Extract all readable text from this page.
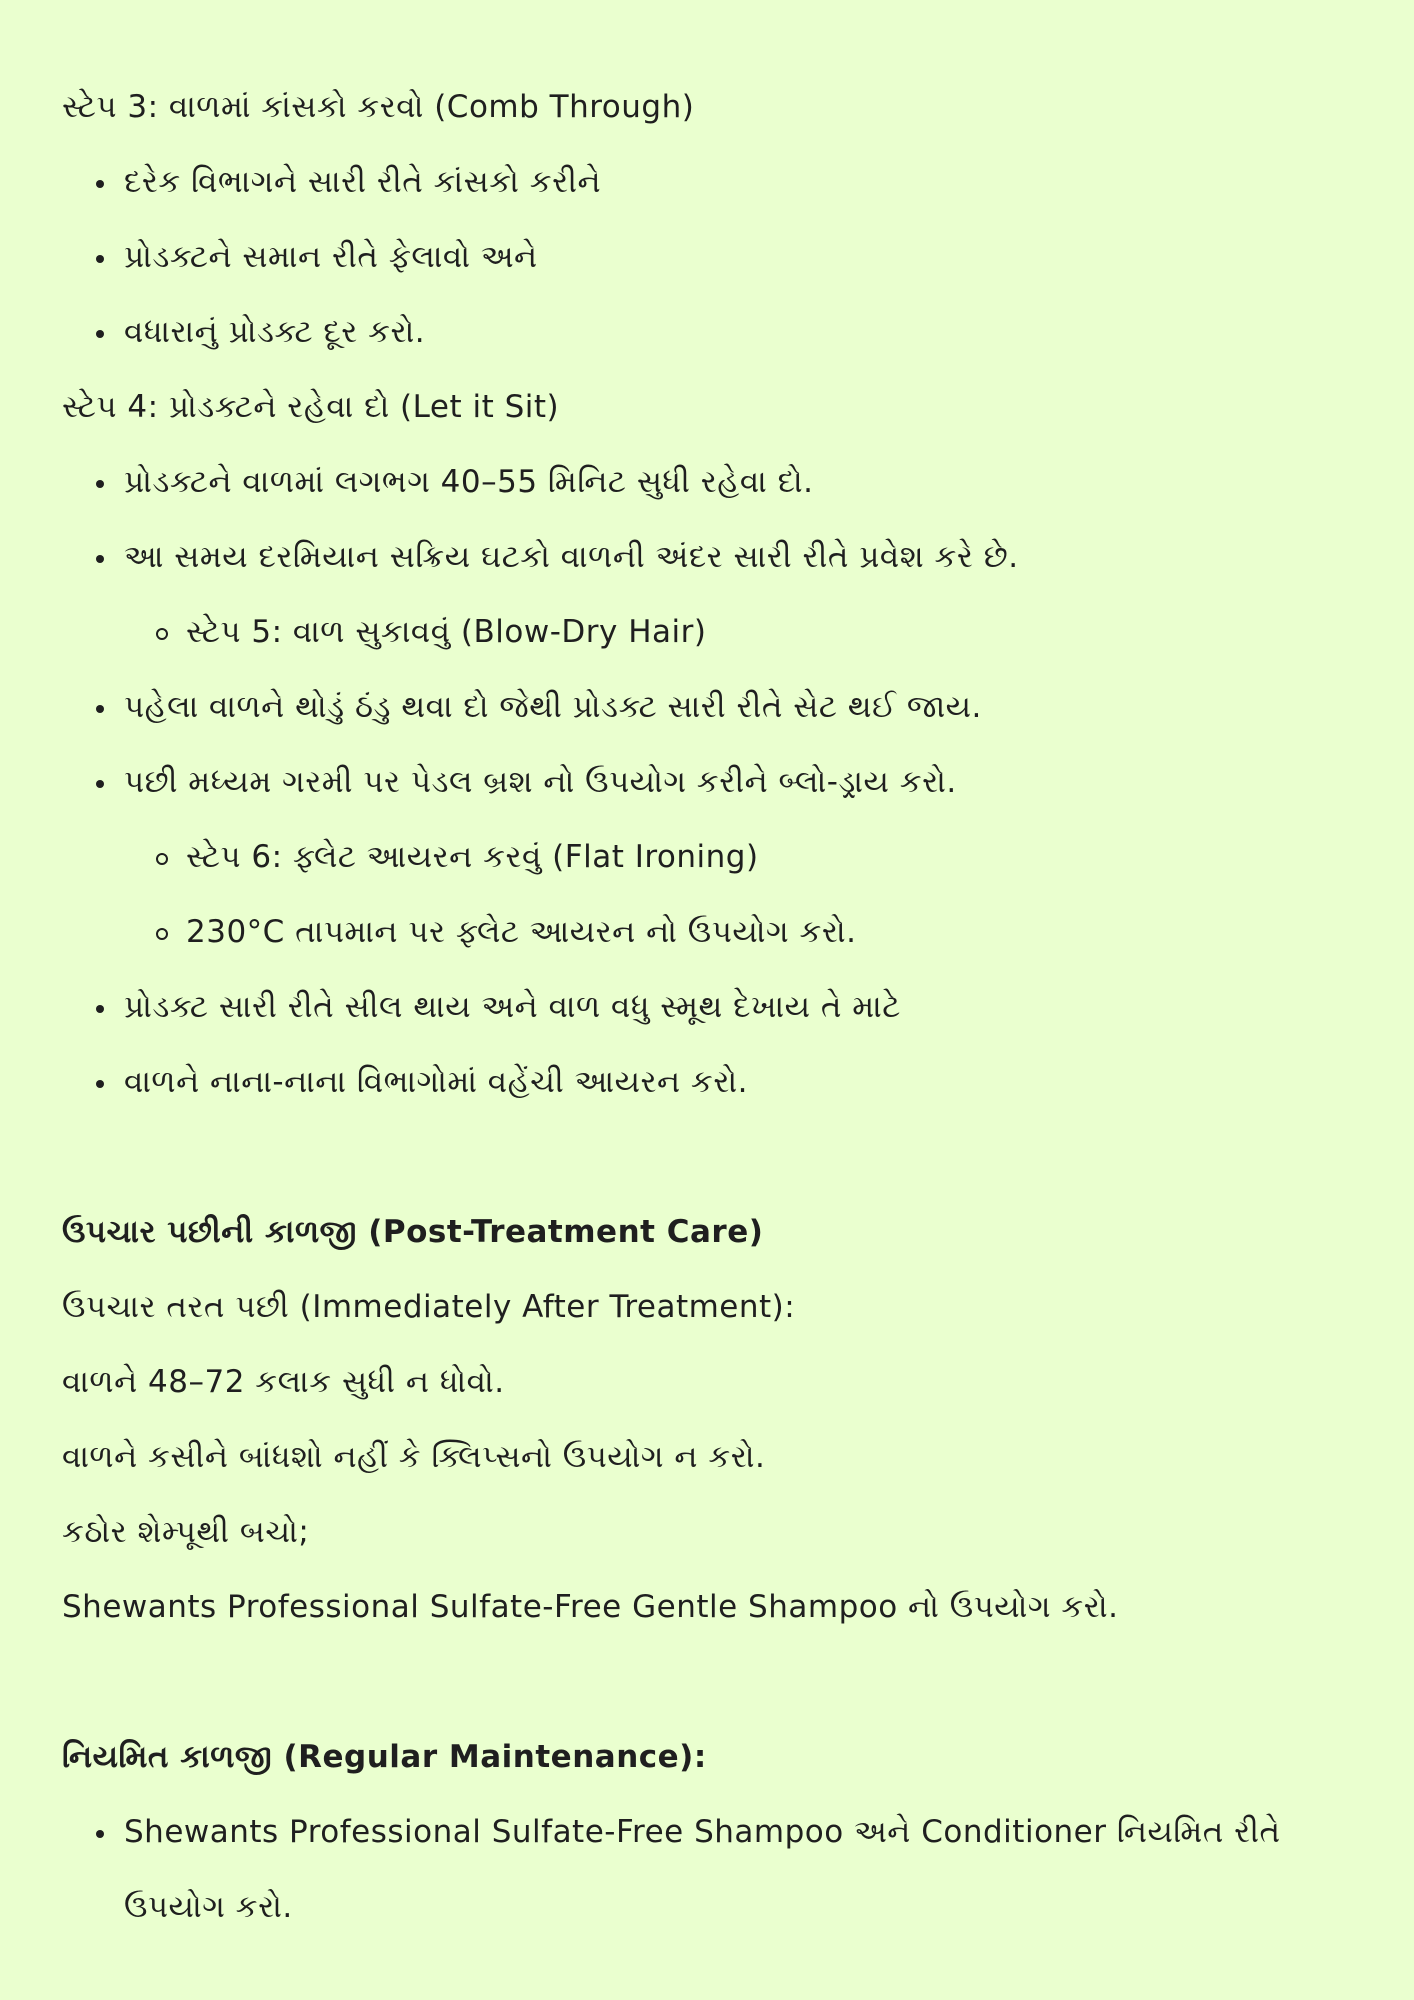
સ્ટેપ 3: વાળમાં કાંસકો કરવો (Comb Through)
દરેક વિભાગને સારી રીતે કાંસકો કરીને
પ્રોડક્ટને સમાન રીતે ફેલાવો અને
વધારાનું પ્રોડક્ટ દૂર કરો.
સ્ટેપ 4: પ્રોડક્ટને રહેવા દો (Let it Sit)
પ્રોડક્ટને વાળમાં લગભગ 40–55 મિનિટ સુધી રહેવા દો.
આ સમય દરમિયાન સક્રિય ઘટકો વાળની અંદર સારી રીતે પ્રવેશ કરે છે.
સ્ટેપ 5: વાળ સુકાવવું (Blow-Dry Hair)
પહેલા વાળને થોડું ઠંડુ થવા દો જેથી પ્રોડક્ટ સારી રીતે સેટ થઈ જાય.
પછી મધ્યમ ગરમી પર પેડલ બ્રશ નો ઉપયોગ કરીને બ્લો-ડ્રાય કરો.
સ્ટેપ 6: ફ્લેટ આયરન કરવું (Flat Ironing)
230°C તાપમાન પર ફ્લેટ આયરન નો ઉપયોગ કરો.
પ્રોડક્ટ સારી રીતે સીલ થાય અને વાળ વધુ સ્મૂથ દેખાય તે માટે
વાળને નાના-નાના વિભાગોમાં વહેંચી આયરન કરો.
ઉપચાર પછીની કાળજી (Post-Treatment Care)
ઉપચાર તરત પછી (Immediately After Treatment):
વાળને 48–72 કલાક સુધી ન ધોવો.
વાળને કસીને બાંધશો નહીં કે ક્લિપ્સનો ઉપયોગ ન કરો.
કઠોર શેમ્પૂથી બચો;
Shewants Professional Sulfate-Free Gentle Shampoo નો ઉપયોગ કરો.
નિયમિત કાળજી (Regular Maintenance):
Shewants Professional Sulfate-Free Shampoo અને Conditioner નિયમિત રીતે ઉપયોગ કરો.
